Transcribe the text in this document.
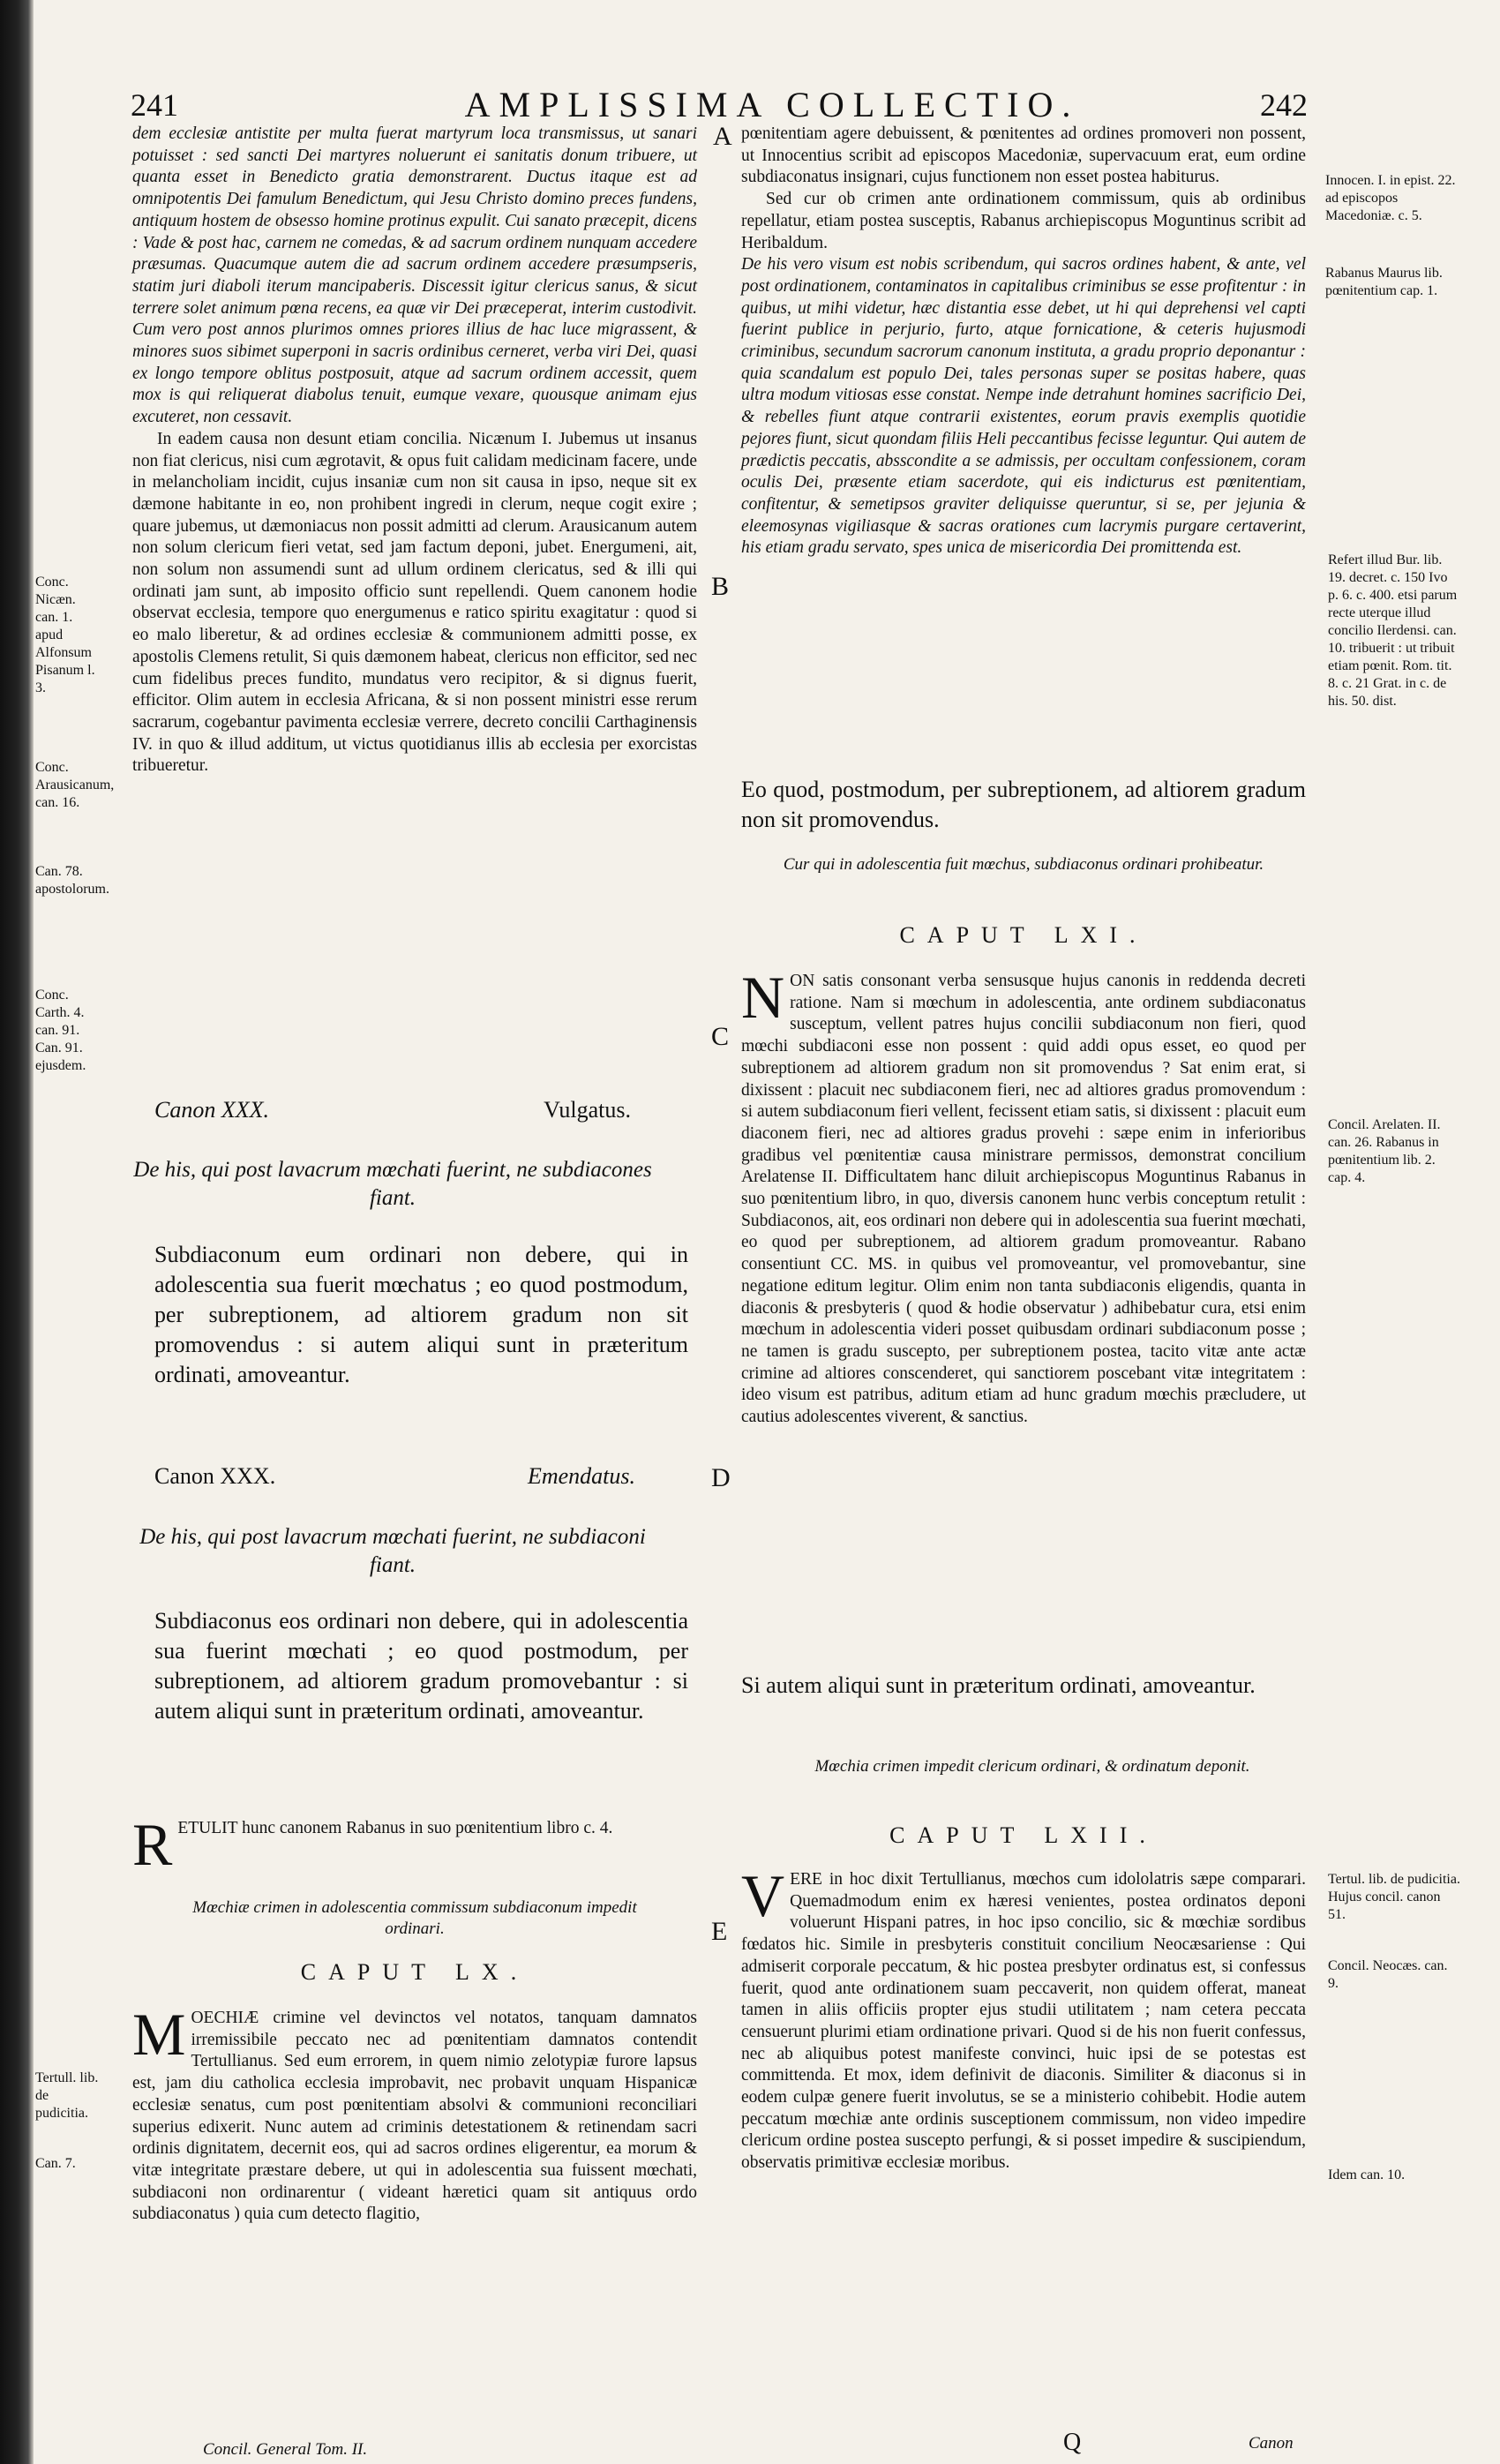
241	AMPLISSIMA COLLECTIO.	242
Conc. Nicæn. can. 1. apud Alfonsum Pisanum l. 3.
Conc. Arausicanum, can. 16.
Can. 78. apostolorum.
Conc. Carth. 4. can. 91. Can. 91. ejusdem.
Tertull. lib. de pudicitia.
Can. 7.

dem ecclesiæ antistite per multa fuerat martyrum loca transmissus, ut sanari potuisset : sed sancti Dei martyres noluerunt ei sanitatis donum tribuere, ut quanta esset in Benedicto gratia demonstrarent. Ductus itaque est ad omnipotentis Dei famulum Benedictum, qui Jesu Christo domino preces fundens, antiquum hostem de obsesso homine protinus expulit. Cui sanato præcepit, dicens : Vade & post hac, carnem ne comedas, & ad sacrum ordinem nunquam accedere præsumas. Quacumque autem die ad sacrum ordinem accedere præsumpseris, statim juri diaboli iterum mancipaberis. Discessit igitur clericus sanus, & sicut terrere solet animum pœna recens, ea quæ vir Dei præceperat, interim custodivit. Cum vero post annos plurimos omnes priores illius de hac luce migrassent, & minores suos sibimet superponi in sacris ordinibus cerneret, verba viri Dei, quasi ex longo tempore oblitus postposuit, atque ad sacrum ordinem accessit, quem mox is qui reliquerat diabolus tenuit, eumque vexare, quousque animam ejus excuteret, non cessavit.

In eadem causa non desunt etiam concilia. Nicænum I. Jubemus ut insanus non fiat clericus, nisi cum ægrotavit, & opus fuit calidam medicinam facere, unde in melancholiam incidit, cujus insaniæ cum non sit causa in ipso, neque sit ex dæmone habitante in eo, non prohibent ingredi in clerum, neque cogit exire ; quare jubemus, ut dæmoniacus non possit admitti ad clerum. Arausicanum autem non solum clericum fieri vetat, sed jam factum deponi, jubet. Energumeni, ait, non solum non assumendi sunt ad ullum ordinem clericatus, sed & illi qui ordinati jam sunt, ab imposito officio sunt repellendi. Quem canonem hodie observat ecclesia, tempore quo energumenus e ratico spiritu exagitatur : quod si eo malo liberetur, & ad ordines ecclesiæ & communionem admitti posse, ex apostolis Clemens retulit, Si quis dæmonem habeat, clericus non efficitor, sed nec cum fidelibus preces fundito, mundatus vero recipitor, & si dignus fuerit, efficitor. Olim autem in ecclesia Africana, & si non possent ministri esse rerum sacrarum, cogebantur pavimenta ecclesiæ verrere, decreto concilii Carthaginensis IV. in quo & illud additum, ut victus quotidianus illis ab ecclesia per exorcistas tribueretur.

Canon XXX.	Vulgatus.
De his, qui post lavacrum mœchati fuerint, ne subdiacones fiant.
Subdiaconum eum ordinari non debere, qui in adolescentia sua fuerit mœchatus ; eo quod postmodum, per subreptionem, ad altiorem gradum non sit promovendus : si autem aliqui sunt in præteritum ordinati, amoveantur.
Canon XXX.	Emendatus.
De his, qui post lavacrum mœchati fuerint, ne subdiaconi fiant.
Subdiaconus eos ordinari non debere, qui in adolescentia sua fuerint mœchati ; eo quod postmodum, per subreptionem, ad altiorem gradum promovebantur : si autem aliqui sunt in præteritum ordinati, amoveantur.
R ETULIT hunc canonem Rabanus in suo pœnitentium libro c. 4.
Mœchiæ crimen in adolescentia commissum subdiaconum impedit ordinari.
CAPUT LX.
M OECHIÆ crimine vel devinctos vel notatos, tanquam damnatos irremissibile peccato nec ad pœnitentiam damnatos contendit Tertullianus. Sed eum errorem, in quem nimio zelotypiæ furore lapsus est, jam diu catholica ecclesia improbavit, nec probavit unquam Hispanicæ ecclesiæ senatus, cum post pœnitentiam absolvi & communioni reconciliari superius edixerit. Nunc autem ad criminis detestationem & retinendam sacri ordinis dignitatem, decernit eos, qui ad sacros ordines eligerentur, ea morum & vitæ integritate præstare debere, ut qui in adolescentia sua fuissent mœchati, subdiaconi non ordinarentur ( videant hæretici quam sit antiquus ordo subdiaconatus ) quia cum detecto flagitio,
Concil. General Tom. II.
A pœnitentiam agere debuissent, & pœnitentes ad ordines promoveri non possent, ut Innocentius scribit ad episcopos Macedoniæ, supervacuum erat, eum ordine subdiaconatus insignari, cujus functionem non esset postea habiturus.

Sed cur ob crimen ante ordinationem commissum, quis ab ordinibus repellatur, etiam postea susceptis, Rabanus archiepiscopus Moguntinus scribit ad Heribaldum.

De his vero visum est nobis scribendum, qui sacros ordines habent, & ante, vel post ordinationem, contaminatos in capitalibus criminibus se esse profitentur : in quibus, ut mihi videtur, hæc distantia esse debet, ut hi qui deprehensi vel capti fuerint publice in perjurio, furto, atque fornicatione, & ceteris hujusmodi criminibus, secundum sacrorum canonum instituta, a gradu proprio deponantur : quia scandalum est populo Dei, tales personas super se positas habere, quas ultra modum vitiosas esse constat. Nempe inde detrahunt homines sacrificio Dei, & rebelles fiunt atque contrarii existentes, eorum pravis exemplis quotidie pejores fiunt, sicut quondam filiis Heli peccantibus fecisse leguntur. Qui autem de prædictis peccatis, absscondite a se admissis, per occultam confessionem, coram oculis Dei, præsente etiam sacerdote, qui eis indicturus est pœnitentiam, confitentur, & semetipsos graviter deliquisse queruntur, si se, per jejunia & eleemosynas vigiliasque & sacras orationes cum lacrymis purgare certaverint, his etiam gradu servato, spes unica de misericordia Dei promittenda est.

B
Eo quod, postmodum, per subreptionem, ad altiorem gradum non sit promovendus.
Cur qui in adolescentia fuit mœchus, subdiaconus ordinari prohibeatur.
CAPUT LXI.
N ON satis consonant verba sensusque hujus canonis in reddenda decreti ratione. Nam si mœchum in adolescentia, ante ordinem subdiaconatus susceptum, vellent patres hujus concilii subdiaconum non fieri, quod mœchi subdiaconi esse non possent : quid addi opus esset, eo quod per subreptionem ad altiorem gradum non sit promovendus ? Sat enim erat, si dixissent : placuit nec subdiaconem fieri, nec ad altiores gradus promovendum : si autem subdiaconum fieri vellent, fecissent etiam satis, si dixissent : placuit eum diaconem fieri, nec ad altiores gradus provehi : sæpe enim in inferioribus gradibus vel pœnitentiæ causa ministrare permissos, demonstrat concilium Arelatense II. Difficultatem hanc diluit archiepiscopus Moguntinus Rabanus in suo pœnitentium libro, in quo, diversis canonem hunc verbis conceptum retulit : Subdiaconos, ait, eos ordinari non debere qui in adolescentia sua fuerint mœchati, eo quod per subreptionem, ad altiorem gradum promoveantur. Rabano consentiunt CC. MS. in quibus vel promoveantur, vel promovebantur, sine negatione editum legitur. Olim enim non tanta subdiaconis eligendis, quanta in diaconis & presbyteris ( quod & hodie observatur ) adhibebatur cura, etsi enim mœchum in adolescentia videri posset quibusdam ordinari subdiaconum posse ; ne tamen is gradu suscepto, per subreptionem postea, tacito vitæ ante actæ crimine ad altiores conscenderet, qui sanctiorem poscebant vitæ integritatem : ideo visum est patribus, aditum etiam ad hunc gradum mœchis præcludere, ut cautius adolescentes viverent, & sanctius.
C
D
Si autem aliqui sunt in præteritum ordinati, amoveantur.
Mœchia crimen impedit clericum ordinari, & ordinatum deponit.
CAPUT LXII.
V ERE in hoc dixit Tertullianus, mœchos cum idololatris sæpe comparari. Quemadmodum enim ex hæresi venientes, postea ordinatos deponi voluerunt Hispani patres, in hoc ipso concilio, sic & mœchiæ sordibus fœdatos hic. Simile in presbyteris constituit concilium Neocæsariense : Qui admiserit corporale peccatum, & hic postea presbyter ordinatus est, si confessus fuerit, quod ante ordinationem suam peccaverit, non quidem offerat, maneat tamen in aliis officiis propter ejus studii utilitatem ; nam cetera peccata censuerunt plurimi etiam ordinatione privari. Quod si de his non fuerit confessus, nec ab aliquibus potest manifeste convinci, huic ipsi de se potestas est committenda. Et mox, idem definivit de diaconis. Similiter & diaconus si in eodem culpæ genere fuerit involutus, se se a ministerio cohibebit. Hodie autem peccatum mœchiæ ante ordinis susceptionem commissum, non video impedire clericum ordine postea suscepto perfungi, & si posset impedire & suscipiendum, observatis primitivæ ecclesiæ moribus.
E
Q	Canon
Innocen. I. in epist. 22. ad episcopos Macedoniæ. c. 5.
Rabanus Maurus lib. pœnitentium cap. 1.
Refert illud Bur. lib. 19. decret. c. 150 Ivo p. 6. c. 400. etsi parum recte uterque illud concilio Ilerdensi. can. 10. tribuerit : ut tribuit etiam pœnit. Rom. tit. 8. c. 21 Grat. in c. de his. 50. dist.
Concil. Arelaten. II. can. 26. Rabanus in pœnitentium lib. 2. cap. 4.
Tertul. lib. de pudicitia. Hujus concil. canon 51.
Concil. Neocæs. can. 9.
Idem can. 10.
